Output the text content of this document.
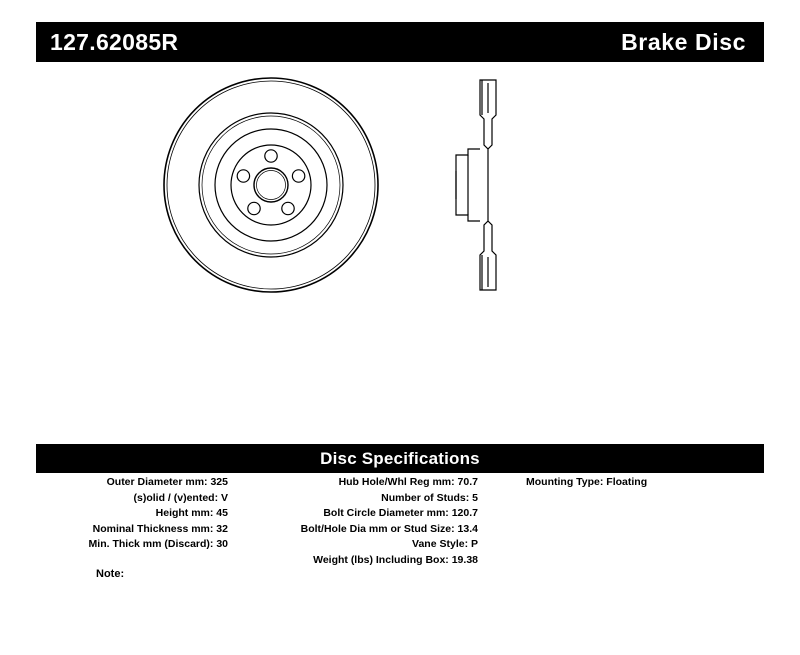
127.62085R	Brake Disc
Disc Specifications
Outer Diameter mm: 325
(s)olid / (v)ented: V
Height mm: 45
Nominal Thickness mm: 32
Min. Thick mm (Discard): 30
Hub Hole/Whl Reg mm: 70.7
Number of Studs: 5
Bolt Circle Diameter mm: 120.7
Bolt/Hole Dia mm or Stud Size: 13.4
Vane Style: P
Weight (lbs) Including Box: 19.38
Mounting Type: Floating
Note:
